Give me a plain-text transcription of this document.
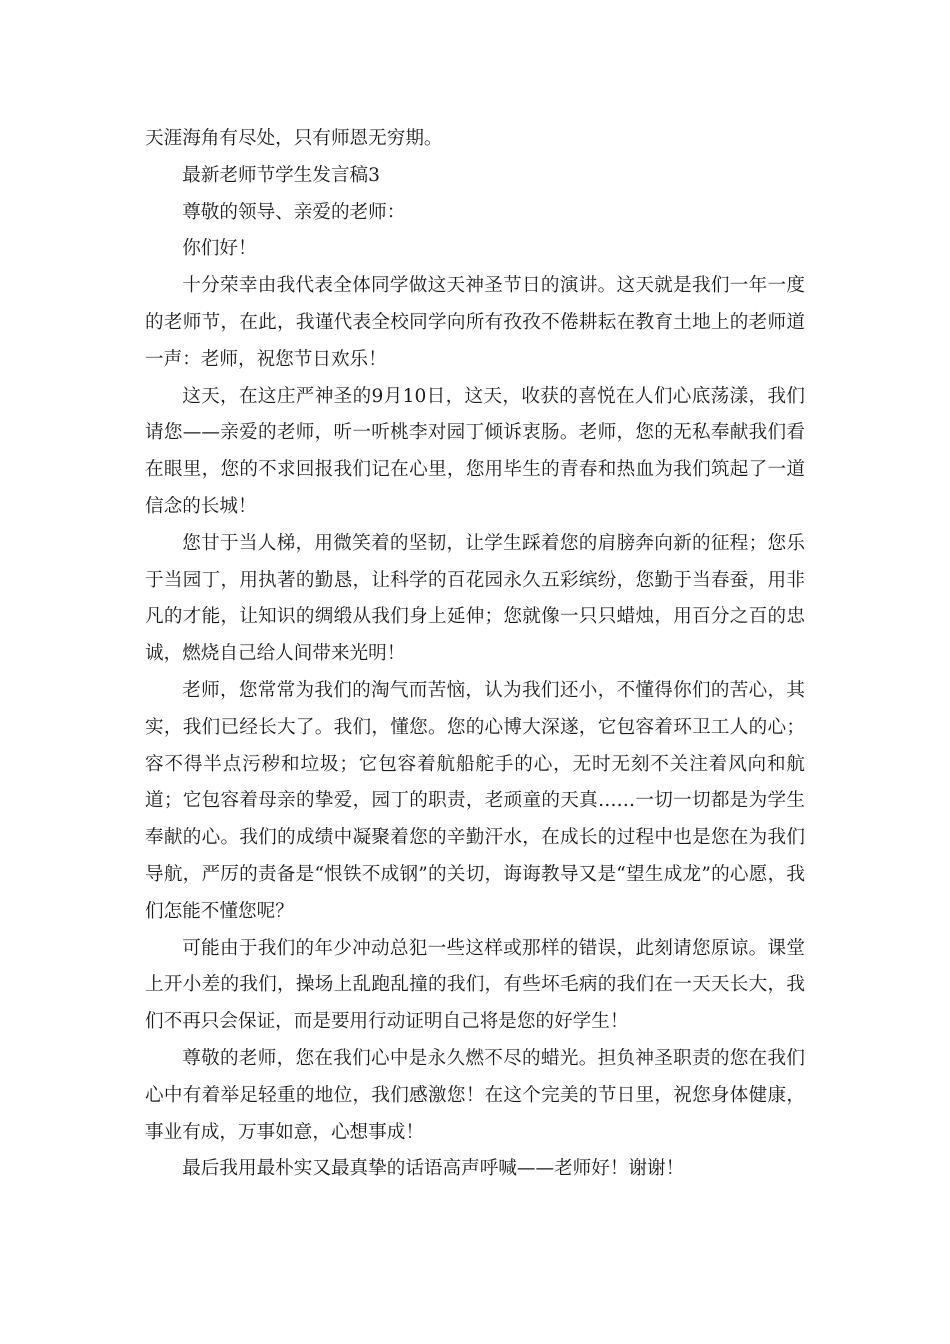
天涯海角有尽处，只有师恩无穷期。

最新老师节学生发言稿3

尊敬的领导、亲爱的老师：

你们好！

十分荣幸由我代表全体同学做这天神圣节日的演讲。这天就是我们一年一度的老师节，在此，我谨代表全校同学向所有孜孜不倦耕耘在教育土地上的老师道一声：老师，祝您节日欢乐！

这天，在这庄严神圣的9月10日，这天，收获的喜悦在人们心底荡漾，我们请您——亲爱的老师，听一听桃李对园丁倾诉衷肠。老师，您的无私奉献我们看在眼里，您的不求回报我们记在心里，您用毕生的青春和热血为我们筑起了一道信念的长城！

您甘于当人梯，用微笑着的坚韧，让学生踩着您的肩膀奔向新的征程；您乐于当园丁，用执著的勤恳，让科学的百花园永久五彩缤纷，您勤于当春蚕，用非凡的才能，让知识的绸缎从我们身上延伸；您就像一只只蜡烛，用百分之百的忠诚，燃烧自己给人间带来光明！

老师，您常常为我们的淘气而苦恼，认为我们还小，不懂得你们的苦心，其实，我们已经长大了。我们，懂您。您的心博大深遂，它包容着环卫工人的心；容不得半点污秽和垃圾；它包容着航船舵手的心，无时无刻不关注着风向和航道；它包容着母亲的挚爱，园丁的职责，老顽童的天真……一切一切都是为学生奉献的心。我们的成绩中凝聚着您的辛勤汗水，在成长的过程中也是您在为我们导航，严厉的责备是“恨铁不成钢”的关切，诲诲教导又是“望生成龙”的心愿，我们怎能不懂您呢？

可能由于我们的年少冲动总犯一些这样或那样的错误，此刻请您原谅。课堂上开小差的我们，操场上乱跑乱撞的我们，有些坏毛病的我们在一天天长大，我们不再只会保证，而是要用行动证明自己将是您的好学生！

尊敬的老师，您在我们心中是永久燃不尽的蜡光。担负神圣职责的您在我们心中有着举足轻重的地位，我们感激您！在这个完美的节日里，祝您身体健康，事业有成，万事如意，心想事成！

最后我用最朴实又最真挚的话语高声呼喊——老师好！谢谢！
